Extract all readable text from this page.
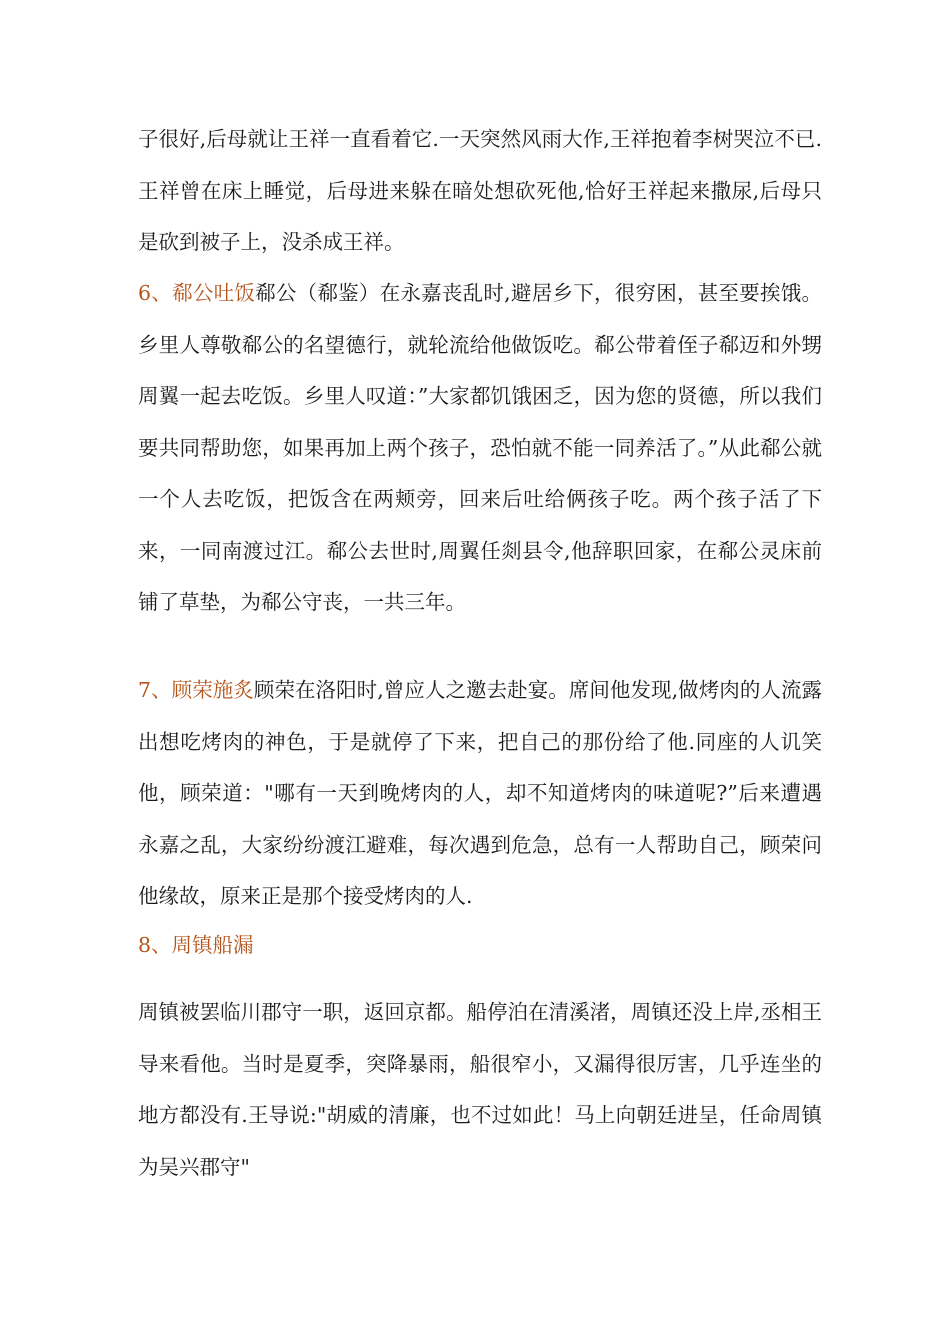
子很好,后母就让王祥一直看着它.一天突然风雨大作,王祥抱着李树哭泣不已.王祥曾在床上睡觉，后母进来躲在暗处想砍死他,恰好王祥起来撒尿,后母只是砍到被子上，没杀成王祥。

6、郗公吐饭郗公（郗鉴）在永嘉丧乱时,避居乡下，很穷困，甚至要挨饿。乡里人尊敬郗公的名望德行，就轮流给他做饭吃。郗公带着侄子郗迈和外甥周翼一起去吃饭。乡里人叹道：”大家都饥饿困乏，因为您的贤德，所以我们要共同帮助您，如果再加上两个孩子，恐怕就不能一同养活了。”从此郗公就一个人去吃饭，把饭含在两颊旁，回来后吐给俩孩子吃。两个孩子活了下来，一同南渡过江。郗公去世时,周翼任剡县令,他辞职回家，在郗公灵床前铺了草垫，为郗公守丧，一共三年。

7、顾荣施炙顾荣在洛阳时,曾应人之邀去赴宴。席间他发现,做烤肉的人流露出想吃烤肉的神色，于是就停了下来，把自己的那份给了他.同座的人讥笑他，顾荣道："哪有一天到晚烤肉的人，却不知道烤肉的味道呢?”后来遭遇永嘉之乱，大家纷纷渡江避难，每次遇到危急，总有一人帮助自己，顾荣问他缘故，原来正是那个接受烤肉的人.

8、周镇船漏

周镇被罢临川郡守一职，返回京都。船停泊在清溪渚，周镇还没上岸,丞相王导来看他。当时是夏季，突降暴雨，船很窄小，又漏得很厉害，几乎连坐的地方都没有.王导说:"胡威的清廉，也不过如此！马上向朝廷进呈，任命周镇为吴兴郡守"
